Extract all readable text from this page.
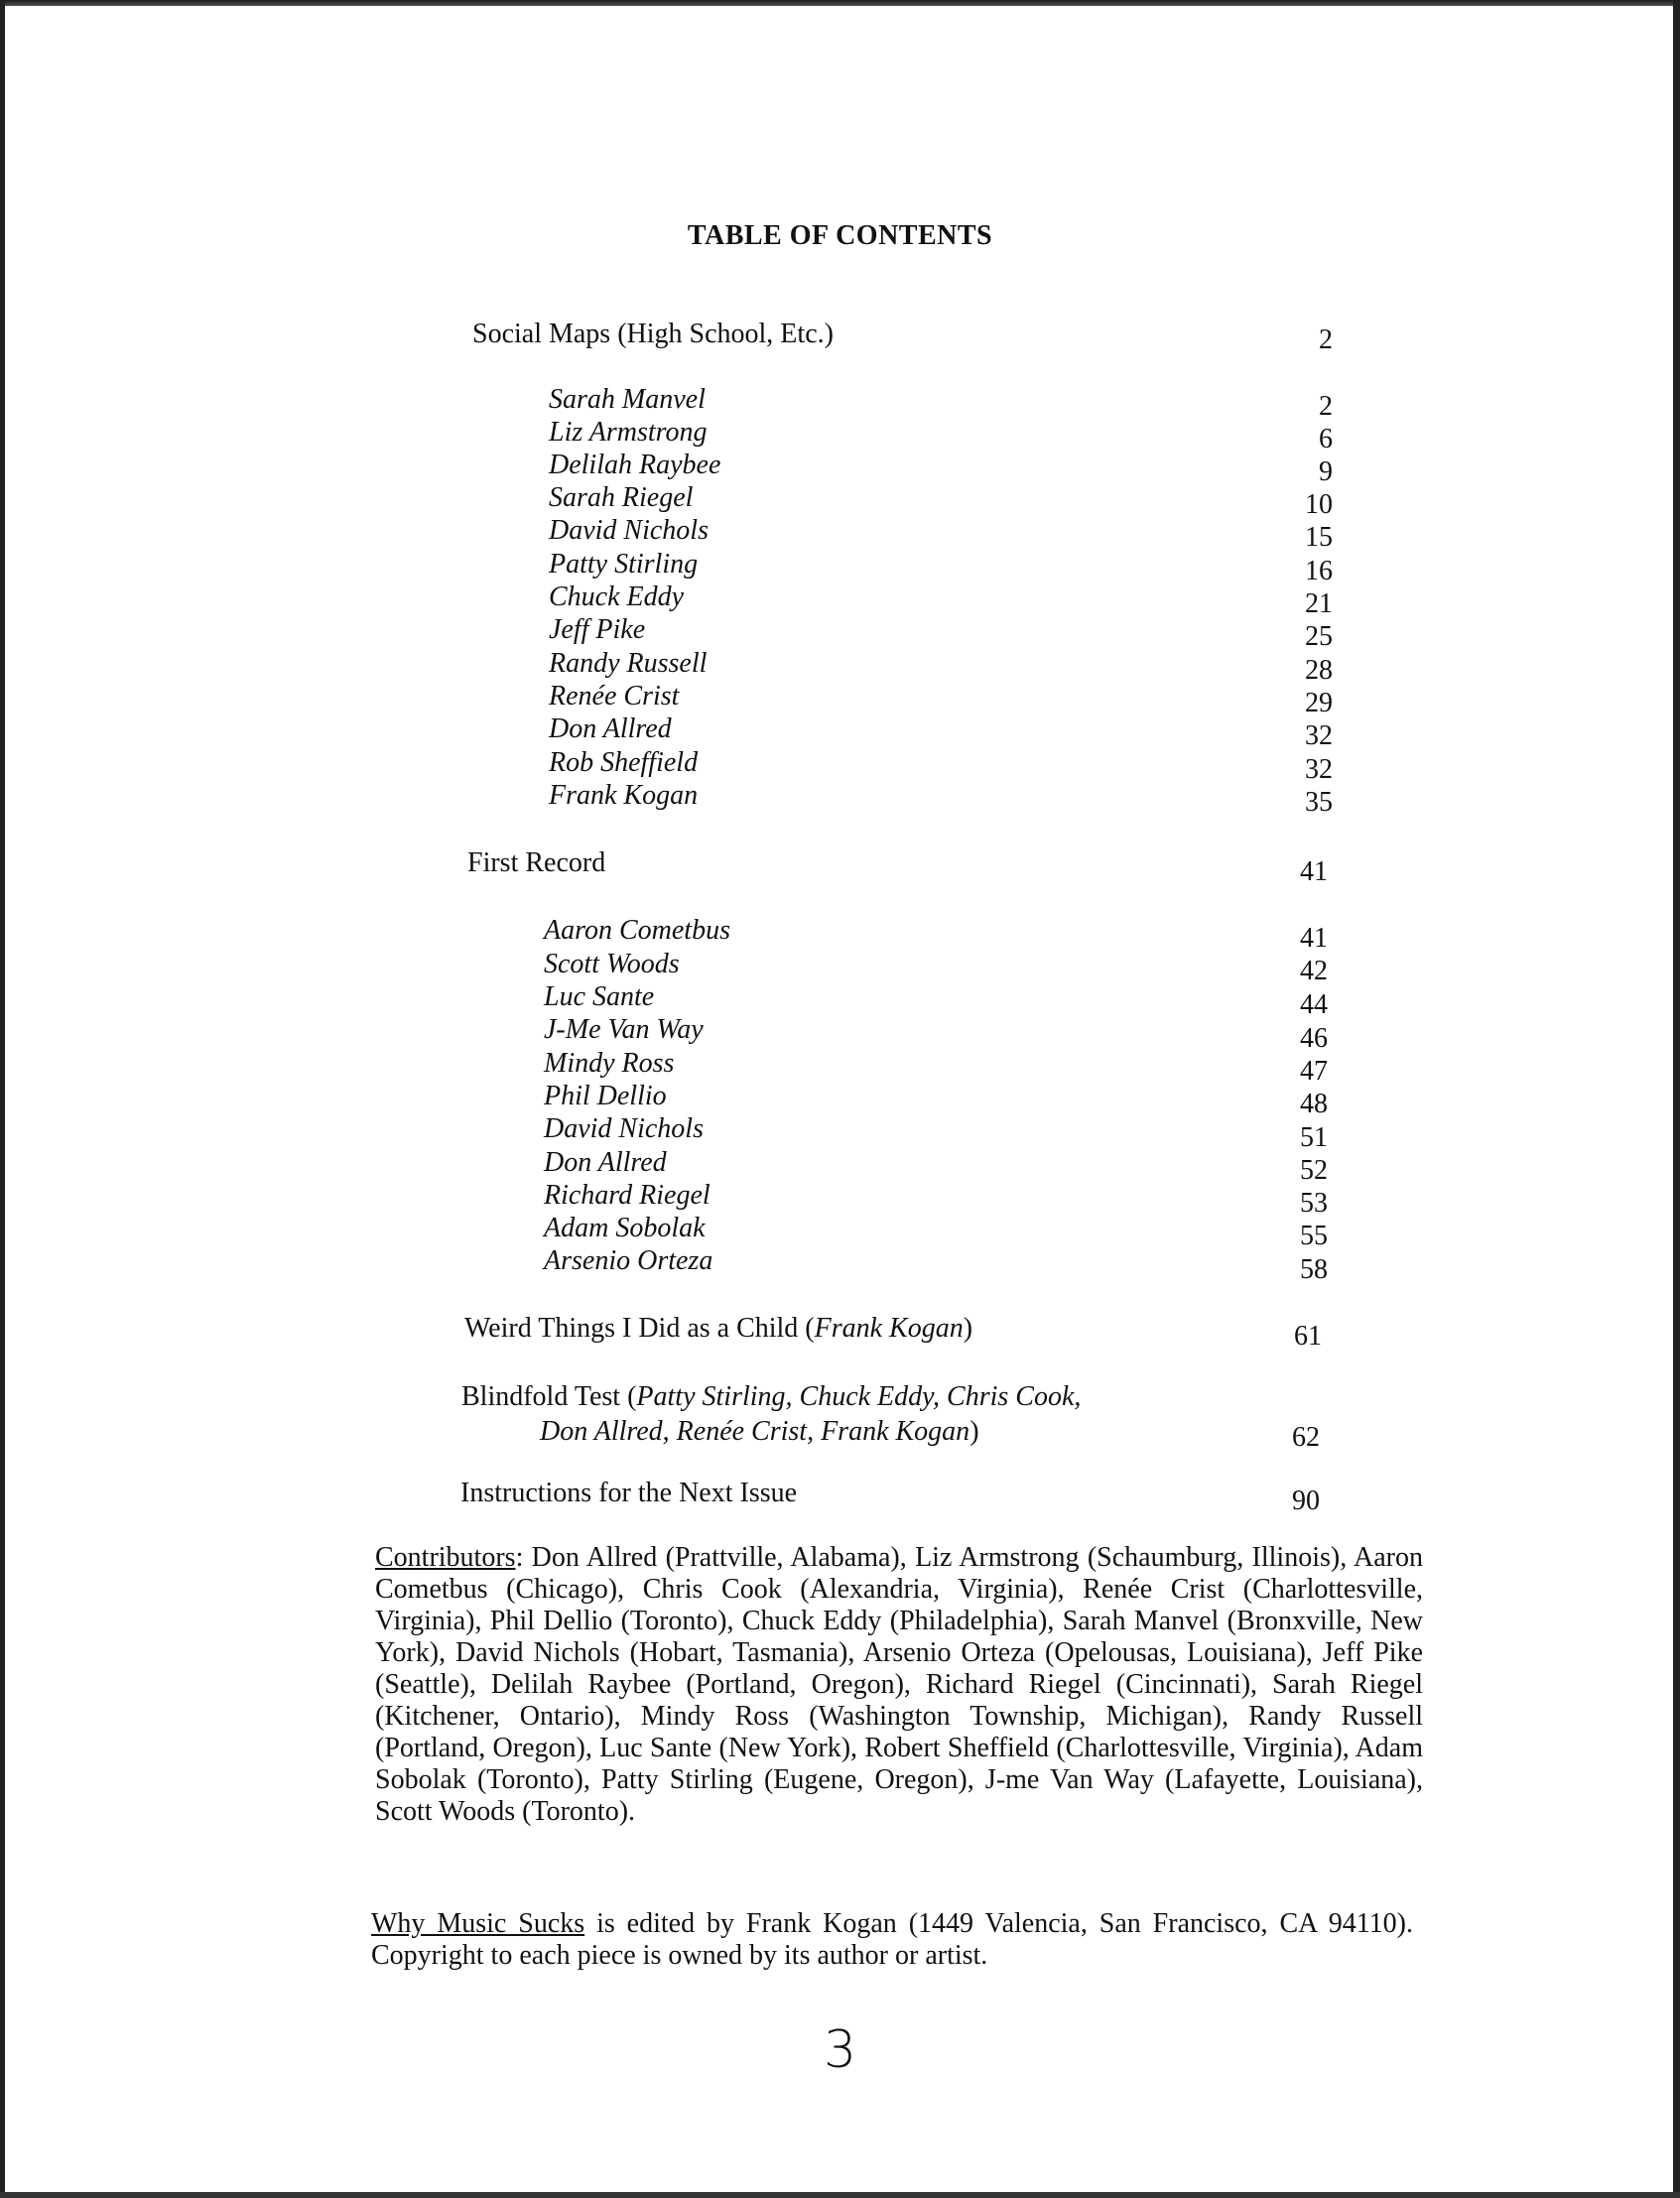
TABLE OF CONTENTS
Social Maps (High School, Etc.)	2
Sarah Manvel	2
Liz Armstrong	6
Delilah Raybee	9
Sarah Riegel	10
David Nichols	15
Patty Stirling	16
Chuck Eddy	21
Jeff Pike	25
Randy Russell	28
Renée Crist	29
Don Allred	32
Rob Sheffield	32
Frank Kogan	35
First Record	41
Aaron Cometbus	41
Scott Woods	42
Luc Sante	44
J-Me Van Way	46
Mindy Ross	47
Phil Dellio	48
David Nichols	51
Don Allred	52
Richard Riegel	53
Adam Sobolak	55
Arsenio Orteza	58
Weird Things I Did as a Child (Frank Kogan)	61
Blindfold Test (Patty Stirling, Chuck Eddy, Chris Cook,
Don Allred, Renée Crist, Frank Kogan)	62
Instructions for the Next Issue	90
Contributors: Don Allred (Prattville, Alabama), Liz Armstrong (Schaumburg, Illinois), Aaron Cometbus (Chicago), Chris Cook (Alexandria, Virginia), Renée Crist (Charlottesville, Virginia), Phil Dellio (Toronto), Chuck Eddy (Philadelphia), Sarah Manvel (Bronxville, New York), David Nichols (Hobart, Tasmania), Arsenio Orteza (Opelousas, Louisiana), Jeff Pike (Seattle), Delilah Raybee (Portland, Oregon), Richard Riegel (Cincinnati), Sarah Riegel (Kitchener, Ontario), Mindy Ross (Washington Township, Michigan), Randy Russell (Portland, Oregon), Luc Sante (New York), Robert Sheffield (Charlottesville, Virginia), Adam Sobolak (Toronto), Patty Stirling (Eugene, Oregon), J-me Van Way (Lafayette, Louisiana), Scott Woods (Toronto).
Why Music Sucks is edited by Frank Kogan (1449 Valencia, San Francisco, CA 94110). Copyright to each piece is owned by its author or artist.
3
